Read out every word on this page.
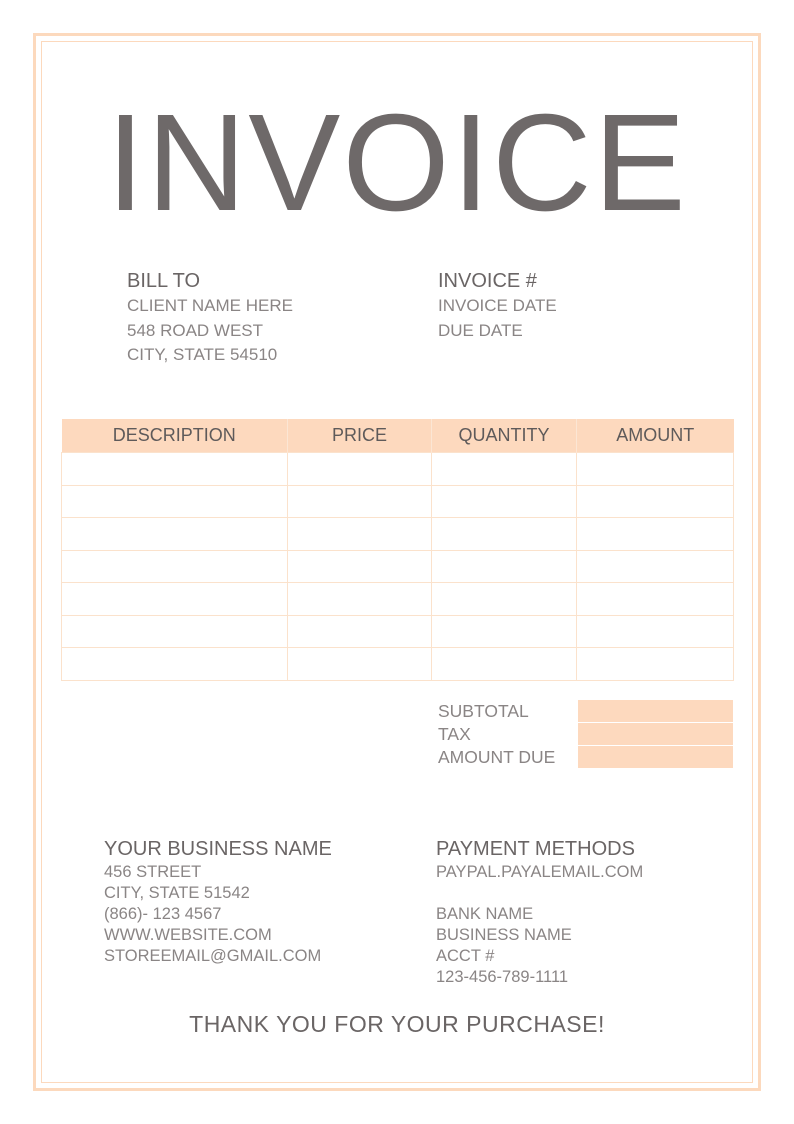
INVOICE
BILL TO
CLIENT NAME HERE
548 ROAD WEST
CITY, STATE 54510
INVOICE #
INVOICE DATE
DUE DATE
DESCRIPTION	PRICE	QUANTITY	AMOUNT

SUBTOTAL
TAX
AMOUNT DUE
YOUR BUSINESS NAME
456 STREET
CITY, STATE 51542
(866)- 123 4567
WWW.WEBSITE.COM
STOREEMAIL@GMAIL.COM
PAYMENT METHODS
PAYPAL.PAYALEMAIL.COM
BANK NAME
BUSINESS NAME
ACCT #
123-456-789-1111
THANK YOU FOR YOUR PURCHASE!
